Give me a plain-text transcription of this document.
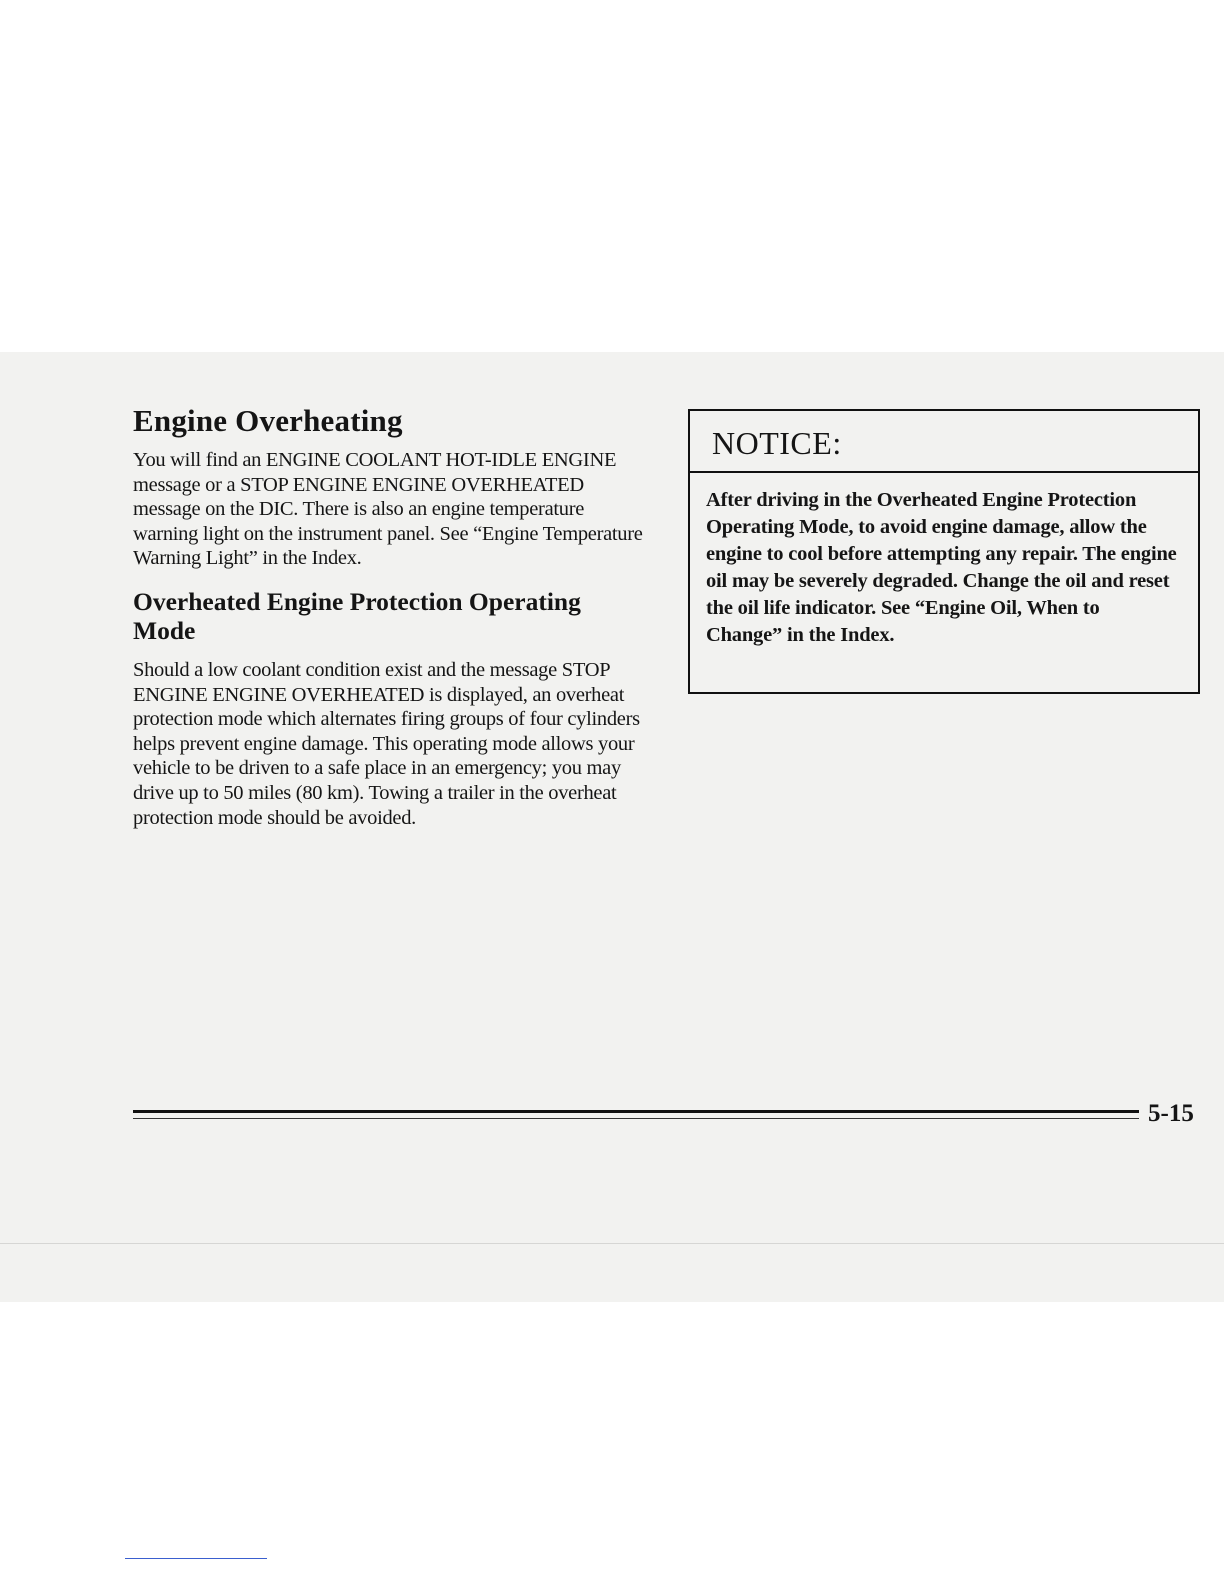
Engine Overheating

You will find an ENGINE COOLANT HOT-IDLE ENGINE message or a STOP ENGINE ENGINE OVERHEATED message on the DIC. There is also an engine temperature warning light on the instrument panel. See “Engine Temperature Warning Light” in the Index.

Overheated Engine Protection Operating Mode

Should a low coolant condition exist and the message STOP ENGINE ENGINE OVERHEATED is displayed, an overheat protection mode which alternates firing groups of four cylinders helps prevent engine damage. This operating mode allows your vehicle to be driven to a safe place in an emergency; you may drive up to 50 miles (80 km). Towing a trailer in the overheat protection mode should be avoided.

NOTICE:
After driving in the Overheated Engine Protection Operating Mode, to avoid engine damage, allow the engine to cool before attempting any repair. The engine oil may be severely degraded. Change the oil and reset the oil life indicator. See “Engine Oil, When to Change” in the Index.
5-15
